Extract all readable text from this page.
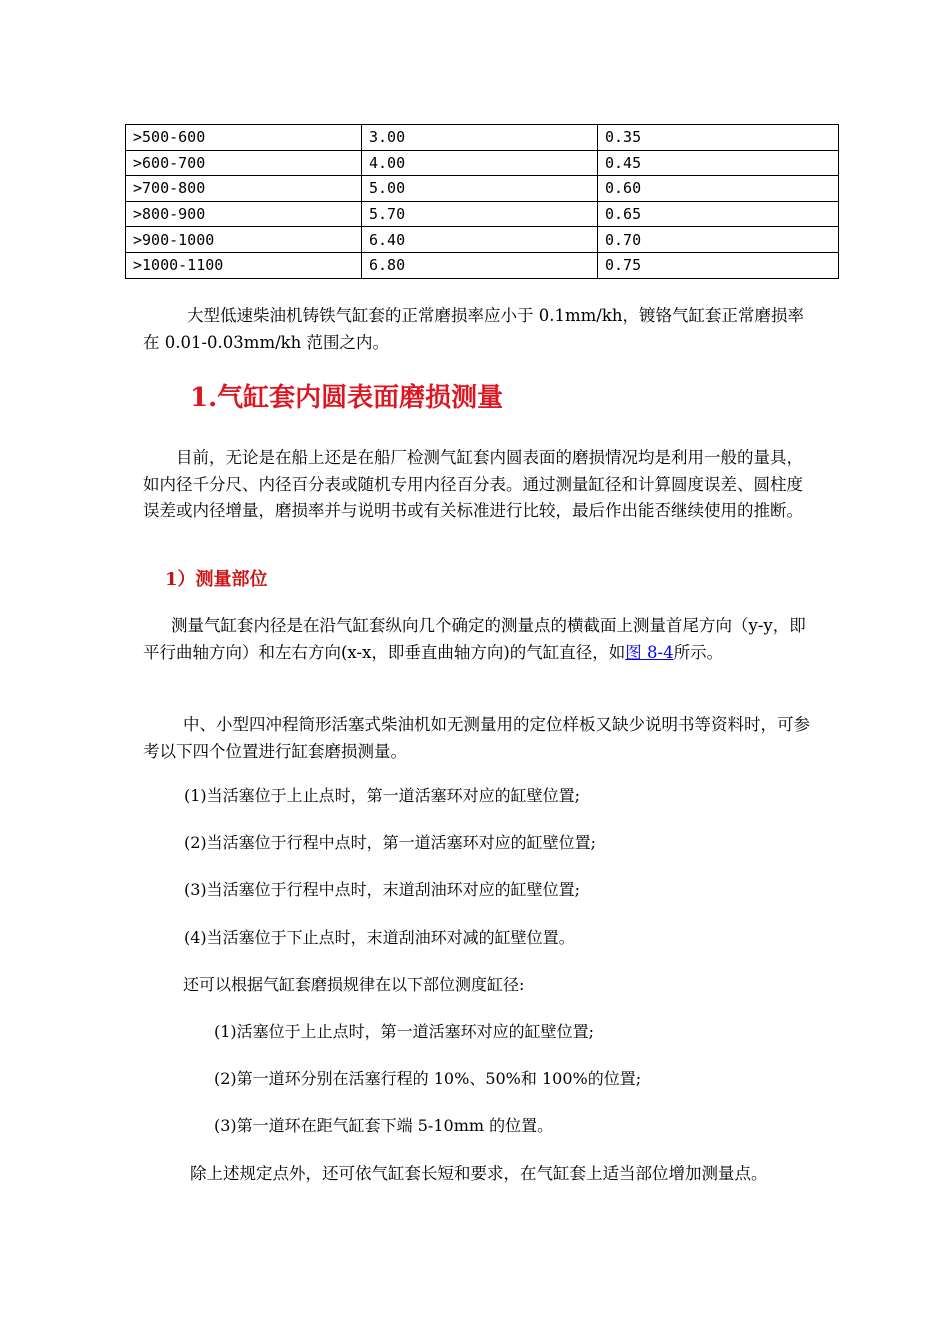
>500-600	3.00	0.35
>600-700	4.00	0.45
>700-800	5.00	0.60
>800-900	5.70	0.65
>900-1000	6.40	0.70
>1000-1100	6.80	0.75

大型低速柴油机铸铁气缸套的正常磨损率应小于 0.1mm/kh，镀铬气缸套正常磨损率在 0.01-0.03mm/kh 范围之内。

1.气缸套内圆表面磨损测量

目前，无论是在船上还是在船厂检测气缸套内圆表面的磨损情况均是利用一般的量具，如内径千分尺、内径百分表或随机专用内径百分表。通过测量缸径和计算圆度误差、圆柱度误差或内径增量，磨损率并与说明书或有关标准进行比较，最后作出能否继续使用的推断。

1）测量部位

测量气缸套内径是在沿气缸套纵向几个确定的测量点的横截面上测量首尾方向（y-y，即平行曲轴方向）和左右方向(x-x，即垂直曲轴方向)的气缸直径，如图 8-4所示。

中、小型四冲程筒形活塞式柴油机如无测量用的定位样板又缺少说明书等资料时，可参考以下四个位置进行缸套磨损测量。

(1)当活塞位于上止点时，第一道活塞环对应的缸壁位置;

(2)当活塞位于行程中点时，第一道活塞环对应的缸壁位置;

(3)当活塞位于行程中点时，末道刮油环对应的缸壁位置;

(4)当活塞位于下止点时，末道刮油环对减的缸壁位置。

还可以根据气缸套磨损规律在以下部位测度缸径:

(1)活塞位于上止点时，第一道活塞环对应的缸壁位置;

(2)第一道环分别在活塞行程的 10%、50%和 100%的位置;

(3)第一道环在距气缸套下端 5-10mm 的位置。

除上述规定点外，还可依气缸套长短和要求，在气缸套上适当部位增加测量点。
